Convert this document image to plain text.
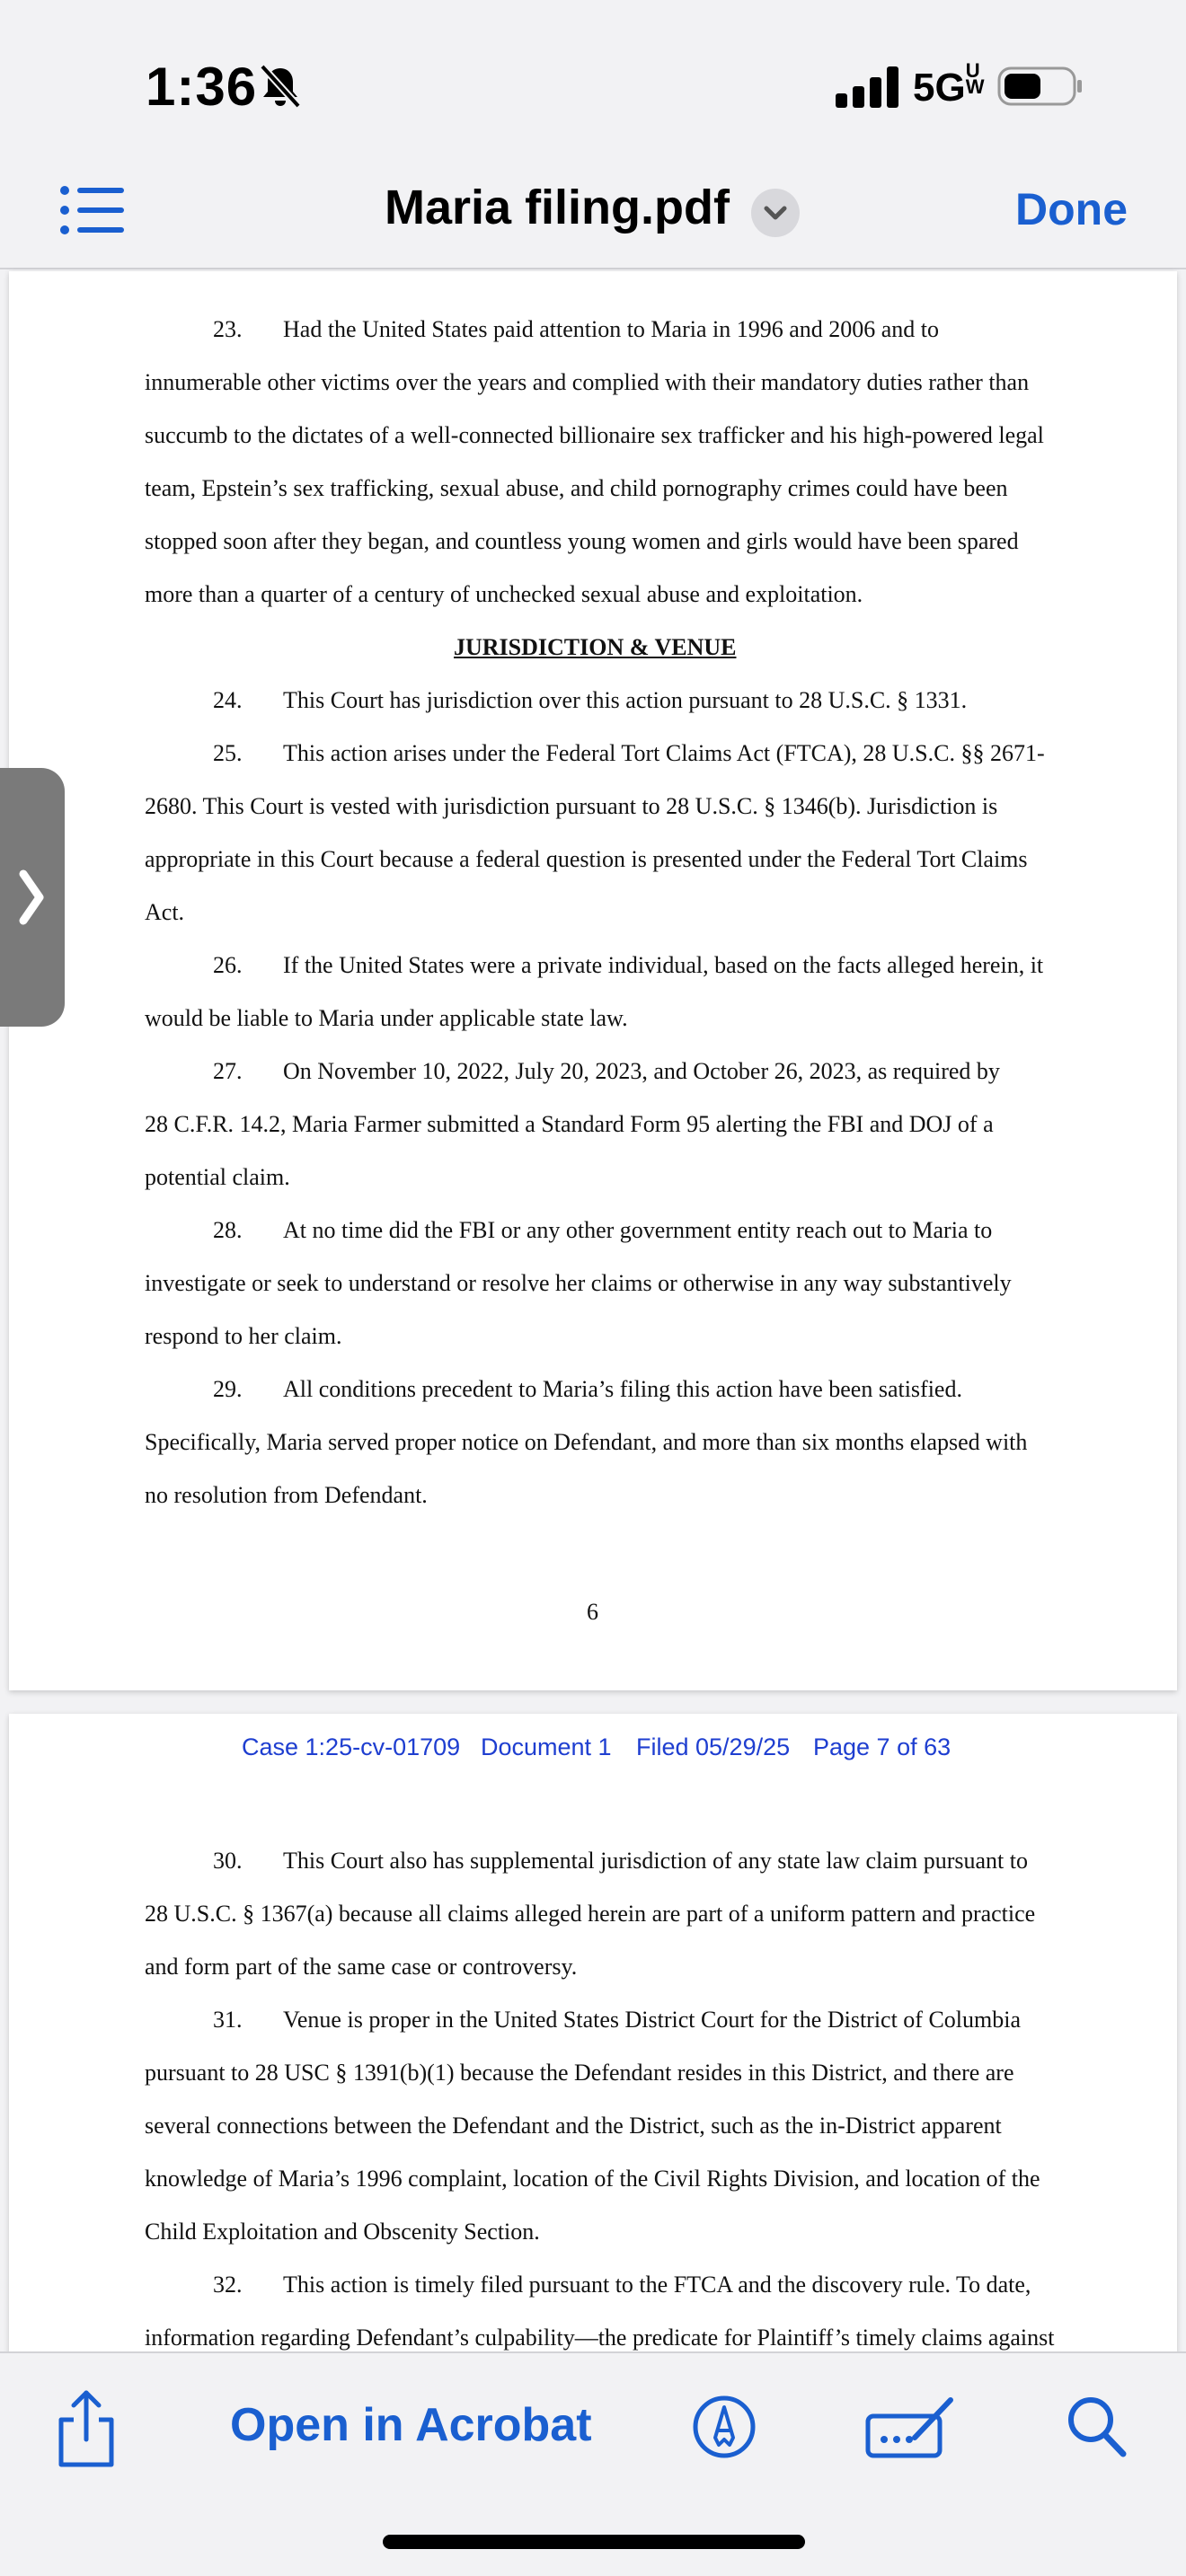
1:36	5GU
W
Maria filing.pdf	Done
23. Had the United States paid attention to Maria in 1996 and 2006 and to
innumerable other victims over the years and complied with their mandatory duties rather than
succumb to the dictates of a well-connected billionaire sex trafficker and his high-powered legal
team, Epstein’s sex trafficking, sexual abuse, and child pornography crimes could have been
stopped soon after they began, and countless young women and girls would have been spared
more than a quarter of a century of unchecked sexual abuse and exploitation.
JURISDICTION & VENUE
24. This Court has jurisdiction over this action pursuant to 28 U.S.C. § 1331.
25. This action arises under the Federal Tort Claims Act (FTCA), 28 U.S.C. §§ 2671-
2680. This Court is vested with jurisdiction pursuant to 28 U.S.C. § 1346(b). Jurisdiction is
appropriate in this Court because a federal question is presented under the Federal Tort Claims
Act.
26. If the United States were a private individual, based on the facts alleged herein, it
would be liable to Maria under applicable state law.
27. On November 10, 2022, July 20, 2023, and October 26, 2023, as required by
28 C.F.R. 14.2, Maria Farmer submitted a Standard Form 95 alerting the FBI and DOJ of a
potential claim.
28. At no time did the FBI or any other government entity reach out to Maria to
investigate or seek to understand or resolve her claims or otherwise in any way substantively
respond to her claim.
29. All conditions precedent to Maria’s filing this action have been satisfied.
Specifically, Maria served proper notice on Defendant, and more than six months elapsed with
no resolution from Defendant.
6
Case 1:25-cv-01709 Document 1 Filed 05/29/25 Page 7 of 63
30. This Court also has supplemental jurisdiction of any state law claim pursuant to
28 U.S.C. § 1367(a) because all claims alleged herein are part of a uniform pattern and practice
and form part of the same case or controversy.
31. Venue is proper in the United States District Court for the District of Columbia
pursuant to 28 USC § 1391(b)(1) because the Defendant resides in this District, and there are
several connections between the Defendant and the District, such as the in-District apparent
knowledge of Maria’s 1996 complaint, location of the Civil Rights Division, and location of the
Child Exploitation and Obscenity Section.
32. This action is timely filed pursuant to the FTCA and the discovery rule. To date,
information regarding Defendant’s culpability—the predicate for Plaintiff’s timely claims against
Open in Acrobat
